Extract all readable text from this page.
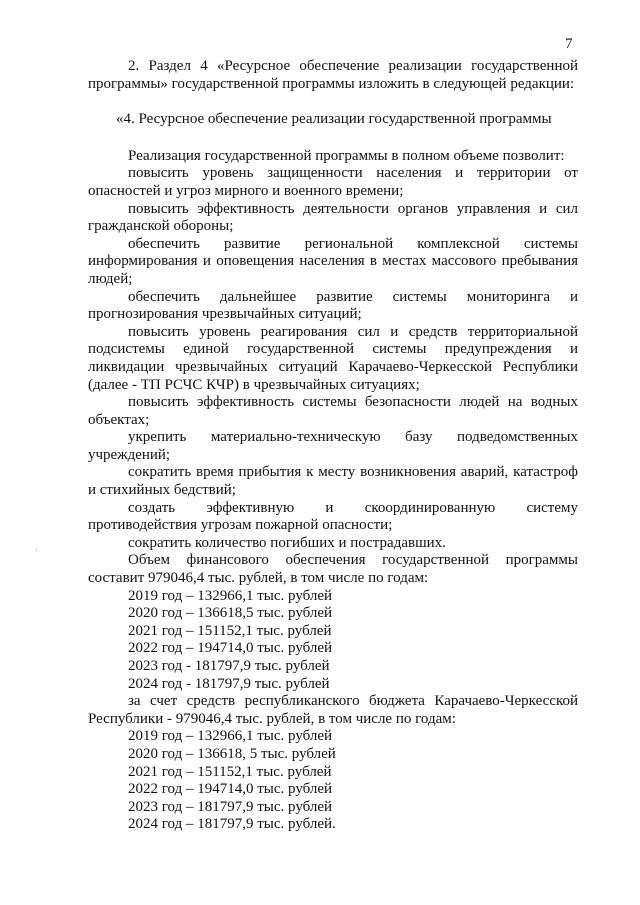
7

2. Раздел 4 «Ресурсное обеспечение реализации государственной программы» государственной программы изложить в следующей редакции:

«4. Ресурсное обеспечение реализации государственной программы

Реализация государственной программы в полном объеме позволит:

повысить уровень защищенности населения и территории от опасностей и угроз мирного и военного времени;

повысить эффективность деятельности органов управления и сил гражданской обороны;

обеспечить развитие региональной комплексной системы информирования и оповещения населения в местах массового пребывания людей;

обеспечить дальнейшее развитие системы мониторинга и прогнозирования чрезвычайных ситуаций;

повысить уровень реагирования сил и средств территориальной подсистемы единой государственной системы предупреждения и ликвидации чрезвычайных ситуаций Карачаево-Черкесской Республики (далее - ТП РСЧС КЧР) в чрезвычайных ситуациях;

повысить эффективность системы безопасности людей на водных объектах;

укрепить материально-техническую базу подведомственных учреждений;

сократить время прибытия к месту возникновения аварий, катастроф и стихийных бедствий;

создать эффективную и скоординированную систему противодействия угрозам пожарной опасности;

сократить количество погибших и пострадавших.

Объем финансового обеспечения государственной программы составит 979046,4 тыс. рублей, в том числе по годам:

2019 год – 132966,1 тыс. рублей
2020 год – 136618,5 тыс. рублей
2021 год – 151152,1 тыс. рублей
2022 год – 194714,0 тыс. рублей
2023 год - 181797,9 тыс. рублей
2024 год - 181797,9 тыс. рублей

за счет средств республиканского бюджета Карачаево-Черкесской Республики - 979046,4 тыс. рублей, в том числе по годам:

2019 год – 132966,1 тыс. рублей
2020 год – 136618, 5 тыс. рублей
2021 год – 151152,1 тыс. рублей
2022 год – 194714,0 тыс. рублей
2023 год – 181797,9 тыс. рублей
2024 год – 181797,9 тыс. рублей.
